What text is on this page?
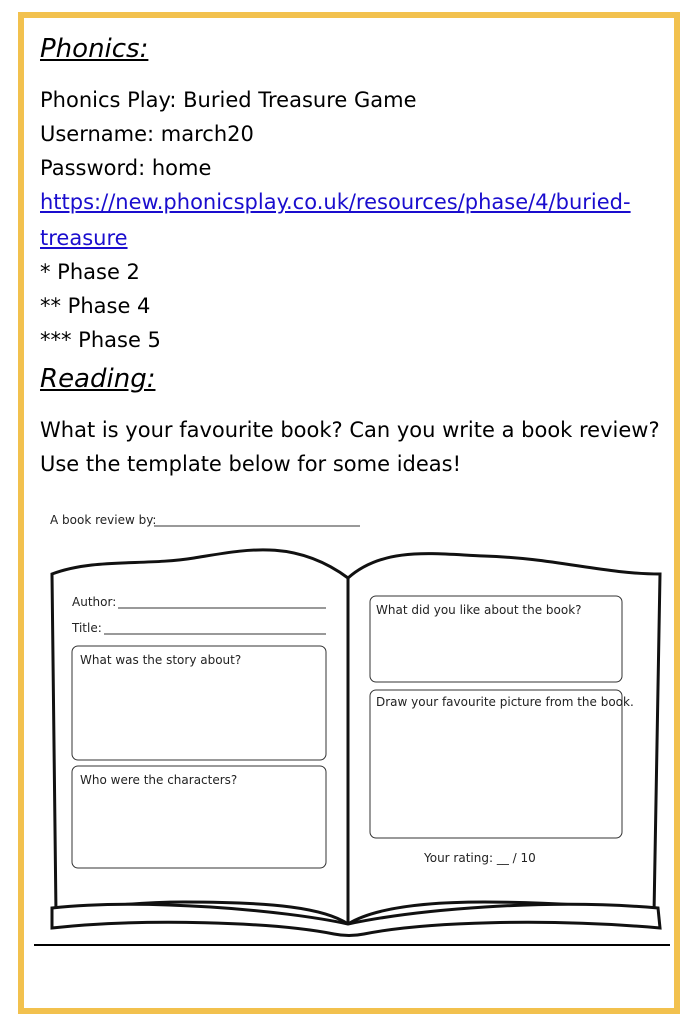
Phonics:
Phonics Play: Buried Treasure Game
Username: march20
Password: home
https://new.phonicsplay.co.uk/resources/phase/4/buried-
treasure
* Phase 2
** Phase 4
*** Phase 5
Reading:
What is your favourite book? Can you write a book review?
Use the template below for some ideas!
A book review by:
Author:
Title:
What was the story about?
Who were the characters?
What did you like about the book?
Draw your favourite picture from the book.
Your rating: __ / 10
